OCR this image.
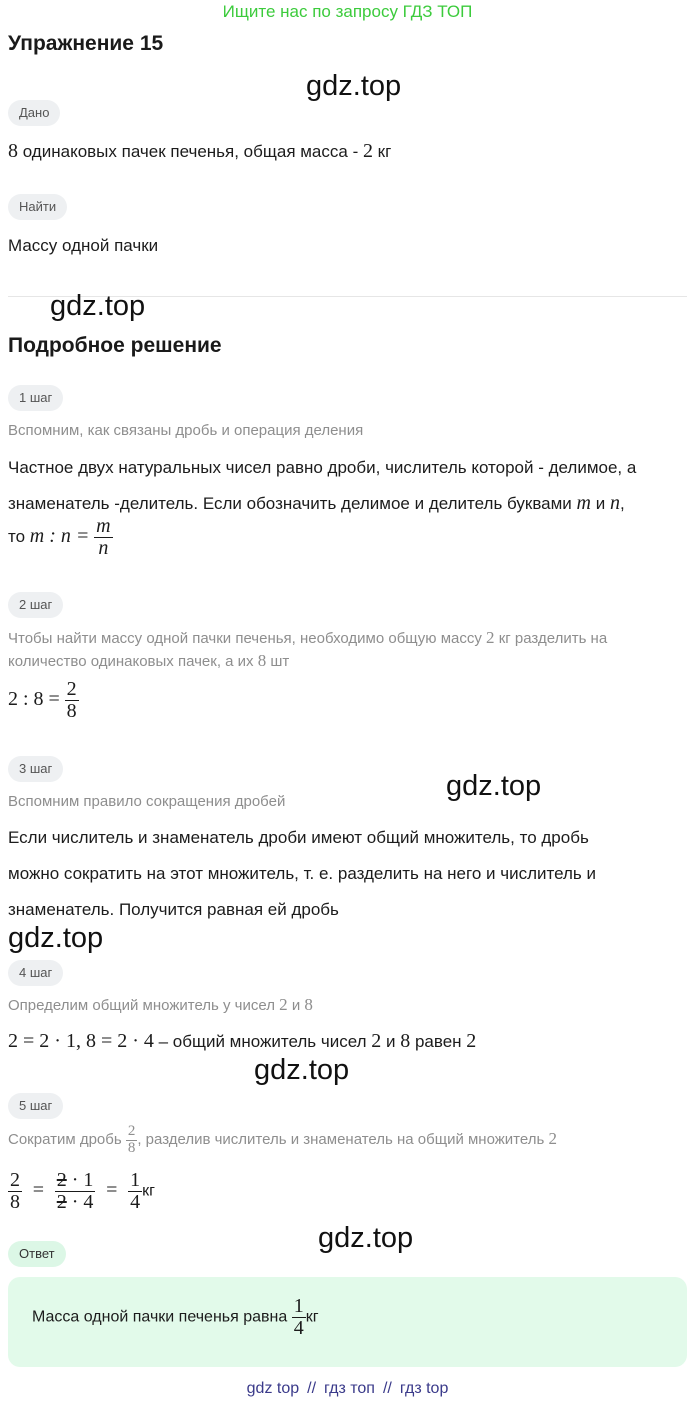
Ищите нас по запросу ГДЗ ТОП
Упражнение 15
gdz.top
Дано
8 одинаковых пачек печенья, общая масса - 2 кг
Найти
Массу одной пачки
gdz.top
Подробное решение
1 шаг
Вспомним, как связаны дробь и операция деления
Частное двух натуральных чисел равно дроби, числитель которой - делимое, а
знаменатель -делитель. Если обозначить делимое и делитель буквами m и n,
то m : $n = \frac{m}{n}$
2 шаг
Чтобы найти массу одной пачки печенья, необходимо общую массу 2 кг разделить на
количество одинаковых пачек, а их 8 шт
2 : $8 = \frac{2}{8}$
3 шаг
gdz.top
Вспомним правило сокращения дробей
Если числитель и знаменатель дроби имеют общий множитель, то дробь
можно сократить на этот множитель, т. е. разделить на него и числитель и
знаменатель. Получится равная ей дробь
gdz.top
4 шаг
Определим общий множитель у чисел 2 и 8
2 = 2 · 1, 8 = 2 · 4 – общий множитель чисел 2 и 8 равен 2
gdz.top
5 шаг
Сократим дробь $\frac{2}{8}$ , разделив числитель и знаменатель на общий множитель 2
$\frac{2}{8} = \frac{2 \cdot 1}{2 \cdot 4} = \frac{1}{4}$ кг
gdz.top
Ответ
Масса одной пачки печенья равна $\frac{1}{4}$ кг
gdz top // гдз топ // гдз top
